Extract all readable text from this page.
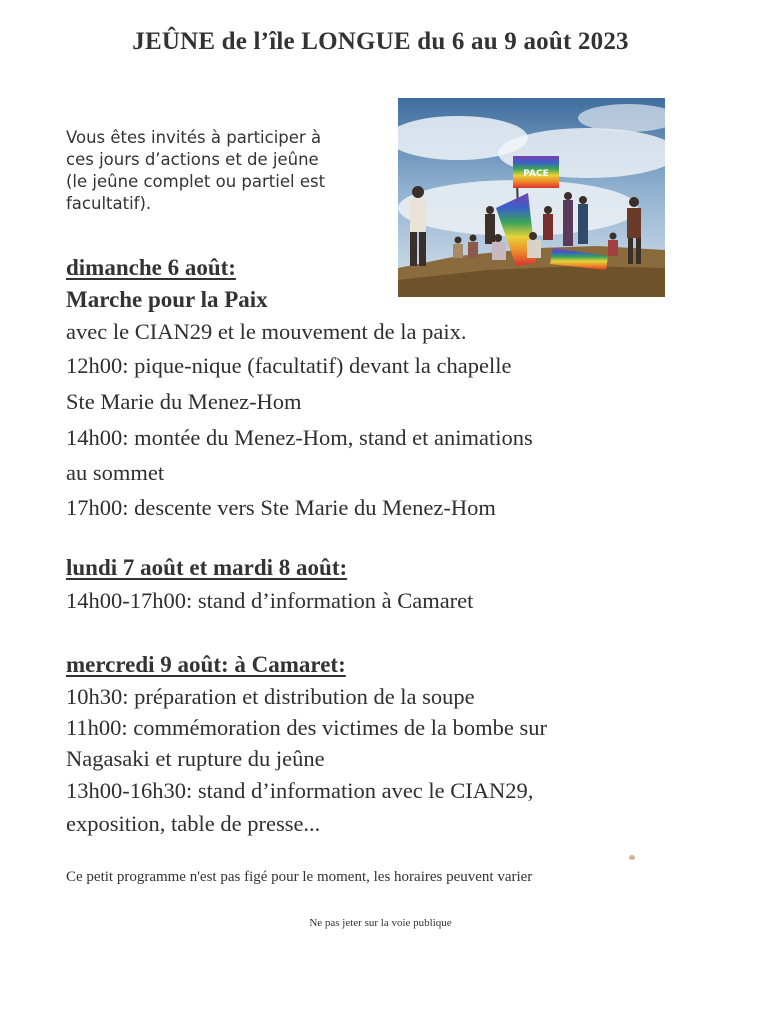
JEÛNE de l’île LONGUE du 6 au 9 août 2023
Vous êtes invités à participer à
ces jours d’actions et de jeûne
(le jeûne complet ou partiel est
facultatif).
PACE
dimanche 6 août:
Marche pour la Paix
avec le CIAN29 et le mouvement de la paix.
12h00: pique-nique (facultatif) devant la chapelle
Ste Marie du Menez-Hom
14h00: montée du Menez-Hom, stand et animations
au sommet
17h00: descente vers Ste Marie du Menez-Hom
lundi 7 août et mardi 8 août:
14h00-17h00: stand d’information à Camaret
mercredi 9 août: à Camaret:
10h30: préparation et distribution de la soupe
11h00: commémoration des victimes de la bombe sur
Nagasaki et rupture du jeûne
13h00-16h30: stand d’information avec le CIAN29,
exposition, table de presse...
Ce petit programme n'est pas figé pour le moment, les horaires peuvent varier
Ne pas jeter sur la voie publique
